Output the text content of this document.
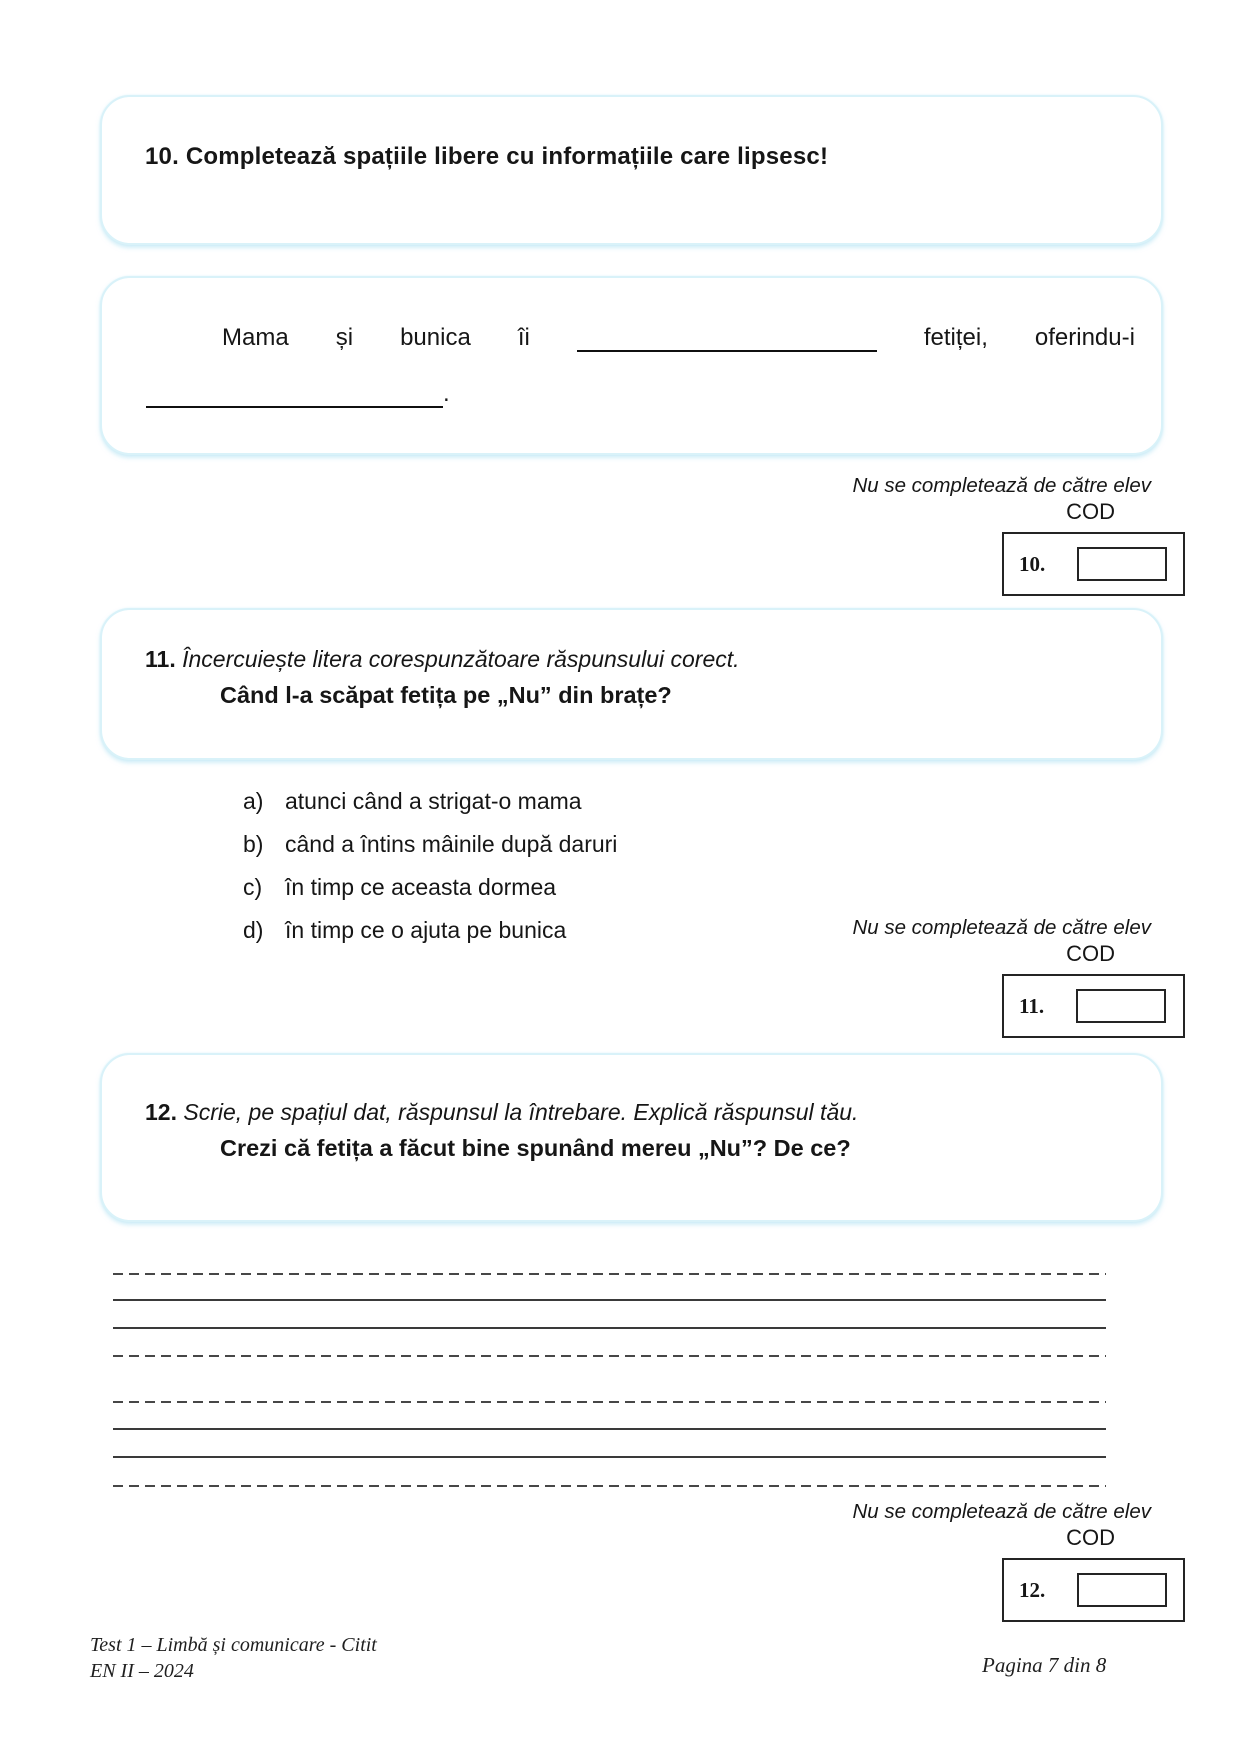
10. Completează spațiile libere cu informațiile care lipsesc!

Mama și bunica îi	fetiței, oferindu-i
.
Nu se completează de către elev
COD
10.

11. Încercuiește litera corespunzătoare răspunsului corect.

Când l-a scăpat fetița pe „Nu” din brațe?

a) atunci când a strigat-o mama
b) când a întins mâinile după daruri
c) în timp ce aceasta dormea
d) în timp ce o ajuta pe bunica	Nu se completează de către elev
COD
11.

12. Scrie, pe spațiul dat, răspunsul la întrebare. Explică răspunsul tău.

Crezi că fetița a făcut bine spunând mereu „Nu”? De ce?

Nu se completează de către elev
COD
12.
Test 1 – Limbă și comunicare - Citit
EN II – 2024	Pagina 7 din 8
